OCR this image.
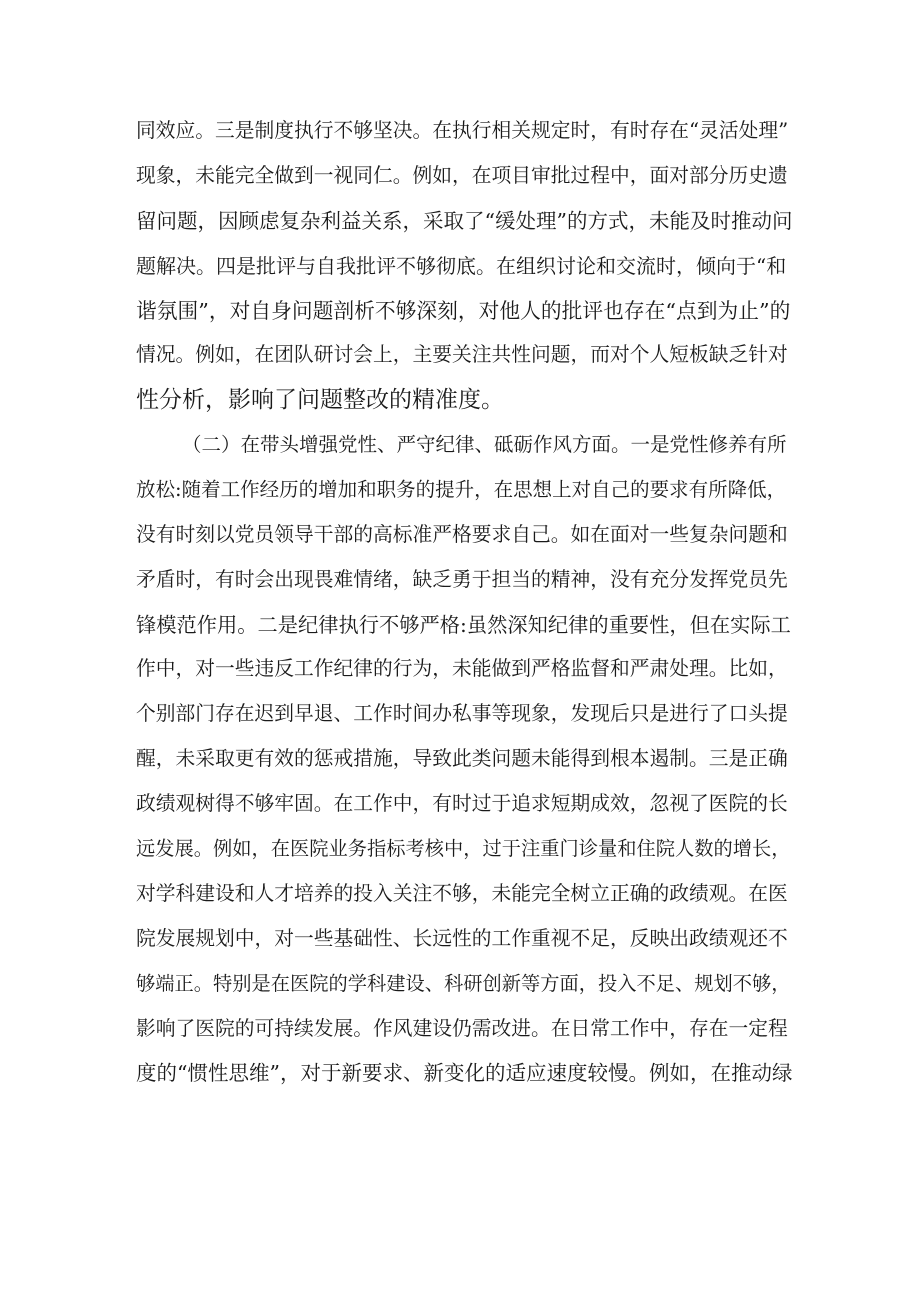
同效应。三是制度执行不够坚决。在执行相关规定时，有时存在“灵活处理”
现象，未能完全做到一视同仁。例如，在项目审批过程中，面对部分历史遗
留问题，因顾虑复杂利益关系，采取了“缓处理”的方式，未能及时推动问
题解决。四是批评与自我批评不够彻底。在组织讨论和交流时，倾向于“和
谐氛围”，对自身问题剖析不够深刻，对他人的批评也存在“点到为止”的
情况。例如，在团队研讨会上，主要关注共性问题，而对个人短板缺乏针对
性分析，影响了问题整改的精准度。
（二）在带头增强党性、严守纪律、砥砺作风方面。一是党性修养有所
放松:随着工作经历的增加和职务的提升，在思想上对自己的要求有所降低，
没有时刻以党员领导干部的高标准严格要求自己。如在面对一些复杂问题和
矛盾时，有时会出现畏难情绪，缺乏勇于担当的精神，没有充分发挥党员先
锋模范作用。二是纪律执行不够严格:虽然深知纪律的重要性，但在实际工
作中，对一些违反工作纪律的行为，未能做到严格监督和严肃处理。比如，
个别部门存在迟到早退、工作时间办私事等现象，发现后只是进行了口头提
醒，未采取更有效的惩戒措施，导致此类问题未能得到根本遏制。三是正确
政绩观树得不够牢固。在工作中，有时过于追求短期成效，忽视了医院的长
远发展。例如，在医院业务指标考核中，过于注重门诊量和住院人数的增长，
对学科建设和人才培养的投入关注不够，未能完全树立正确的政绩观。在医
院发展规划中，对一些基础性、长远性的工作重视不足，反映出政绩观还不
够端正。特别是在医院的学科建设、科研创新等方面，投入不足、规划不够，
影响了医院的可持续发展。作风建设仍需改进。在日常工作中，存在一定程
度的“惯性思维”，对于新要求、新变化的适应速度较慢。例如，在推动绿
